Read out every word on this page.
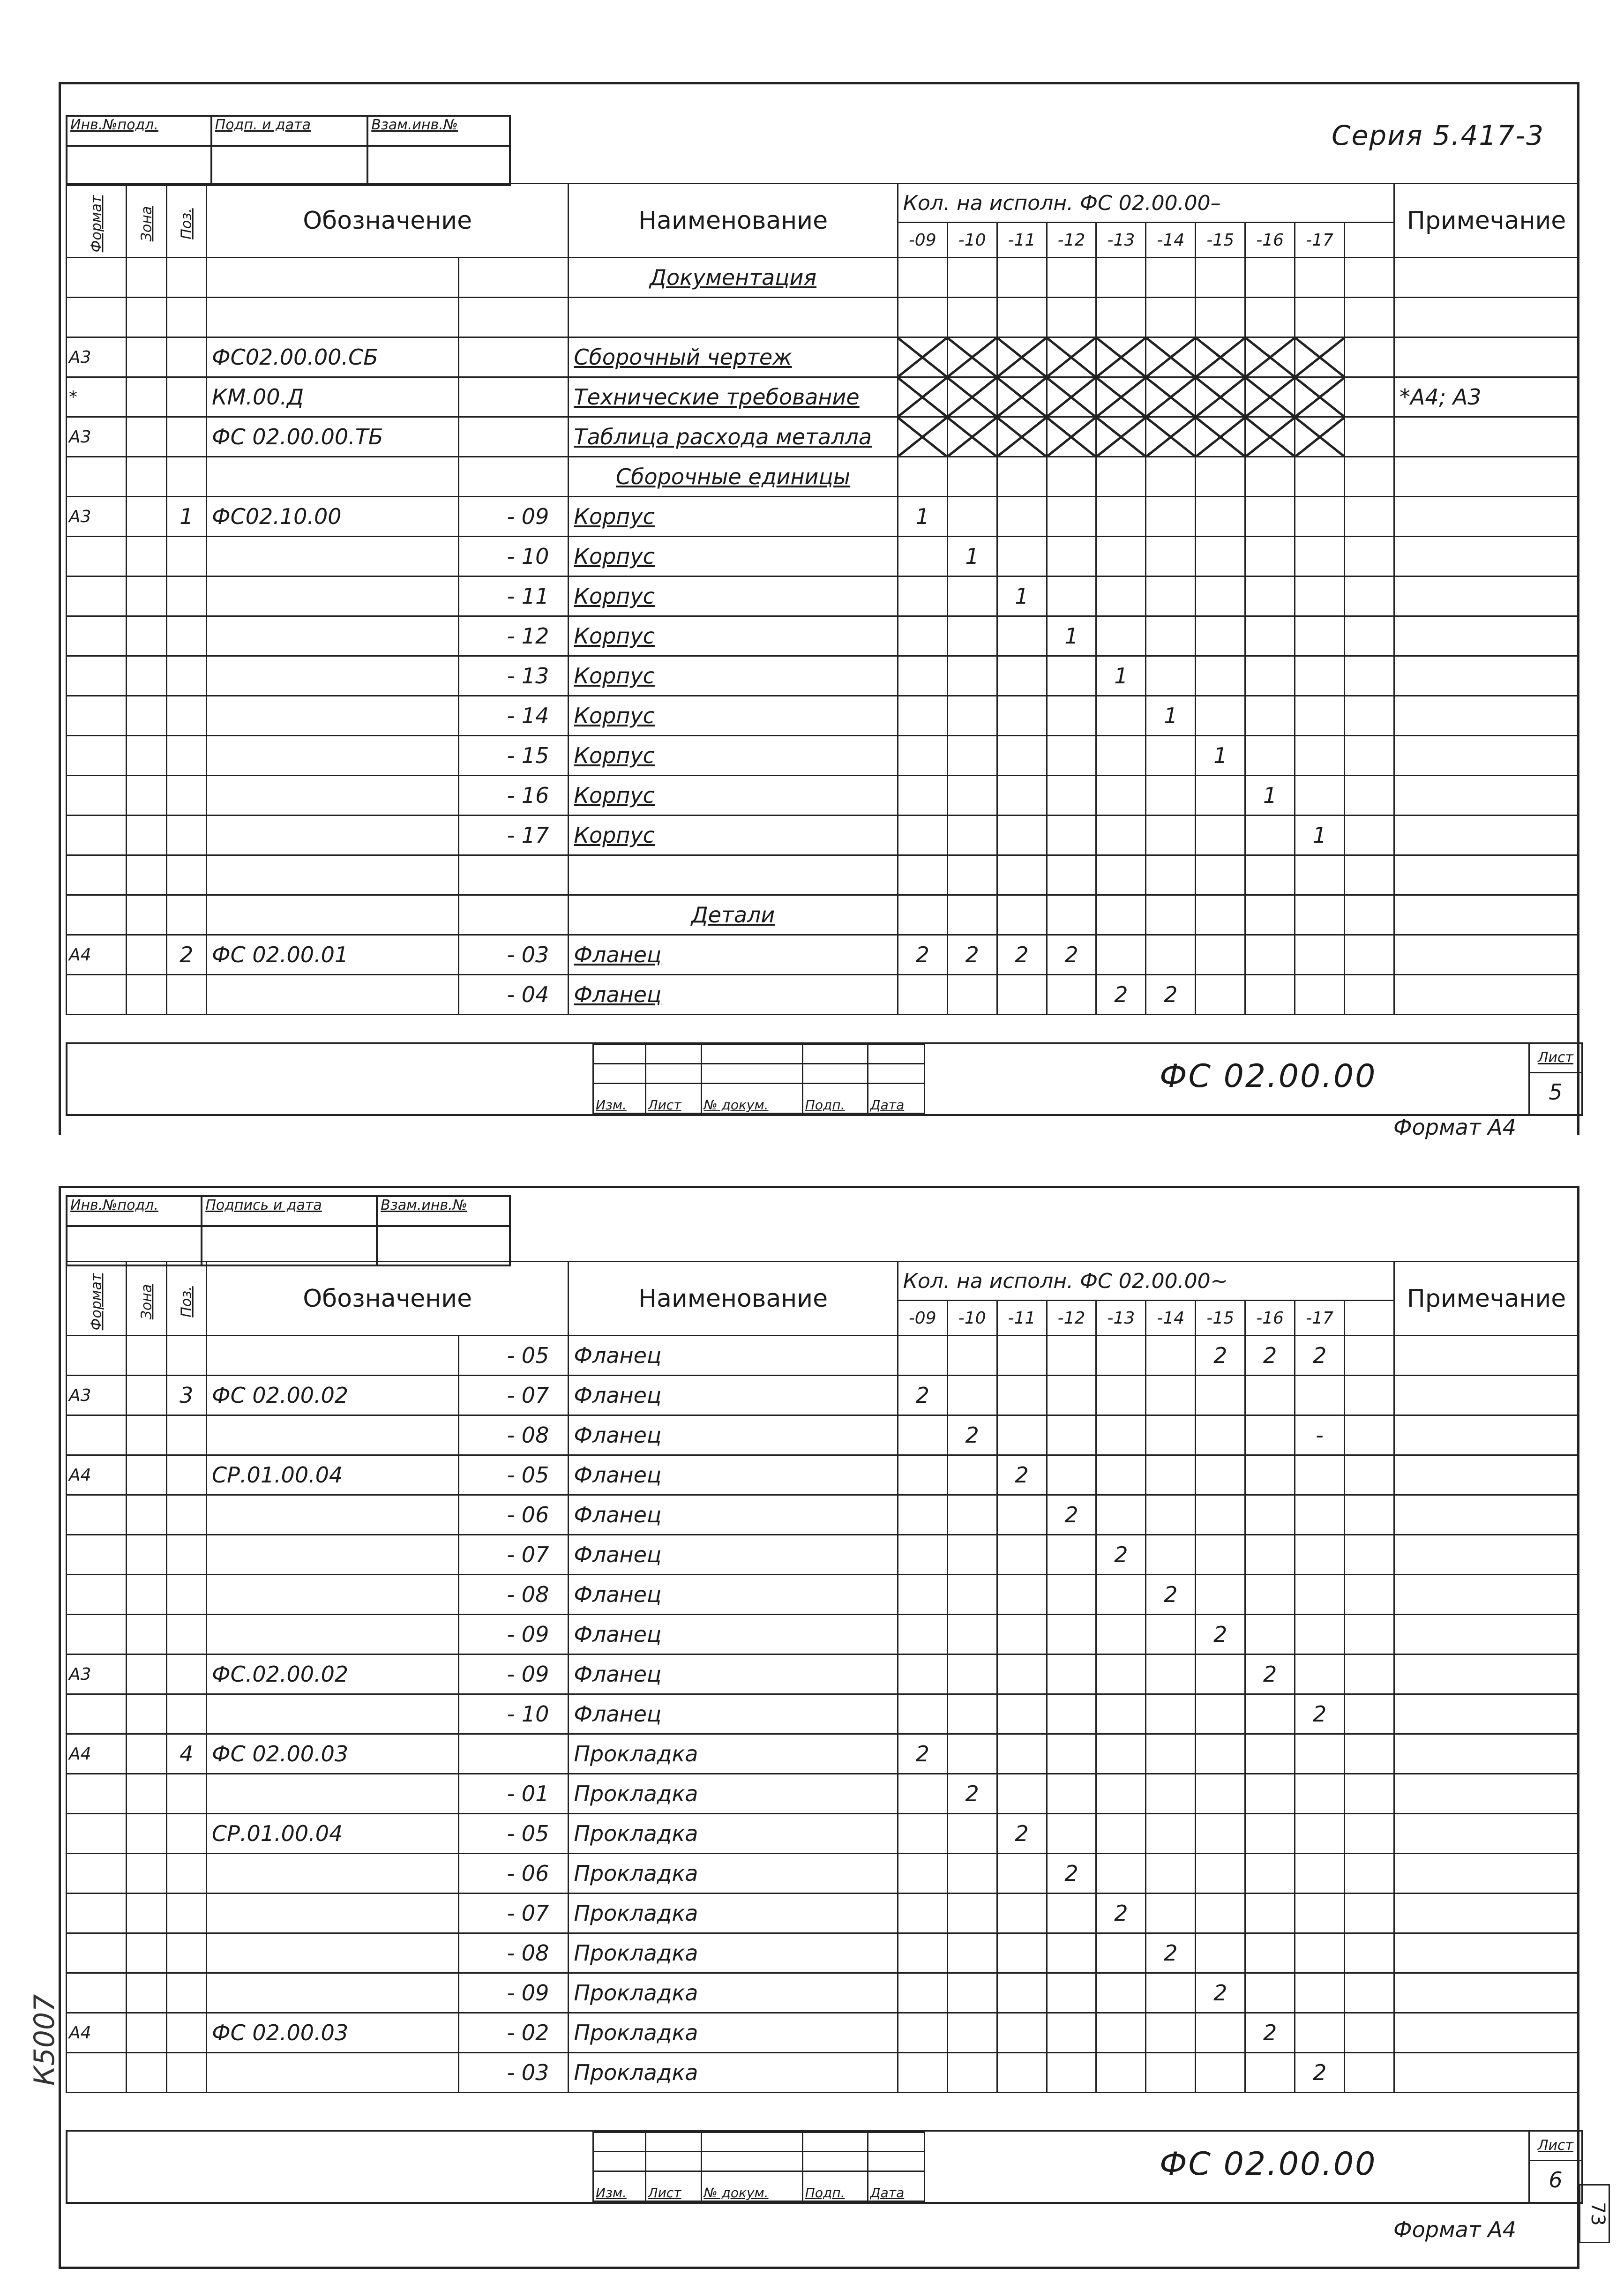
Инв.№подл.	Подп. и дата	Взам.инв.№
			Серия 5.417-3
Формат	Зона	Поз.	Обозначение		Наименование	Кол. на исполн. ФС 02.00.00–										Примечание
						-09	-10	-11	-12	-13	-14	-15	-16	-17		
					Документация											

А3			ФС02.00.00.СБ		Сборочный чертеж											
*			КМ.00.Д		Технические требование											*А4; А3
А3			ФС 02.00.00.ТБ		Таблица расхода металла											
					Сборочные единицы											
А3		1	ФС02.10.00	- 09	Корпус	1										
				- 10	Корпус		1									
				- 11	Корпус			1								
				- 12	Корпус				1							
				- 13	Корпус					1						
				- 14	Корпус						1					
				- 15	Корпус							1				
				- 16	Корпус								1			
				- 17	Корпус									1		

					Детали											
А4		2	ФС 02.00.01	- 03	Фланец	2	2	2	2							
				- 04	Фланец					2	2					

Изм.	Лист	№ докум.	Подп.	Дата
ФС 02.00.00
Лист
5
Формат А4
Инв.№подл.	Подпись и дата	Взам.инв.№

Формат	Зона	Поз.	Обозначение		Наименование	Кол. на исполн. ФС 02.00.00~										Примечание
						-09	-10	-11	-12	-13	-14	-15	-16	-17		
				- 05	Фланец							2	2	2		
А3		3	ФС 02.00.02	- 07	Фланец	2										
				- 08	Фланец		2							-		
А4			СР.01.00.04	- 05	Фланец			2								
				- 06	Фланец				2							
				- 07	Фланец					2						
				- 08	Фланец						2					
				- 09	Фланец							2				
А3			ФС.02.00.02	- 09	Фланец								2			
				- 10	Фланец									2		
А4		4	ФС 02.00.03		Прокладка	2										
				- 01	Прокладка		2									
			СР.01.00.04	- 05	Прокладка			2								
				- 06	Прокладка				2							
				- 07	Прокладка					2						
				- 08	Прокладка						2					
				- 09	Прокладка							2				
А4			ФС 02.00.03	- 02	Прокладка								2			
				- 03	Прокладка									2		

Изм.	Лист	№ докум.	Подп.	Дата
ФС 02.00.00
Лист
6
Формат А4
К5007
73
